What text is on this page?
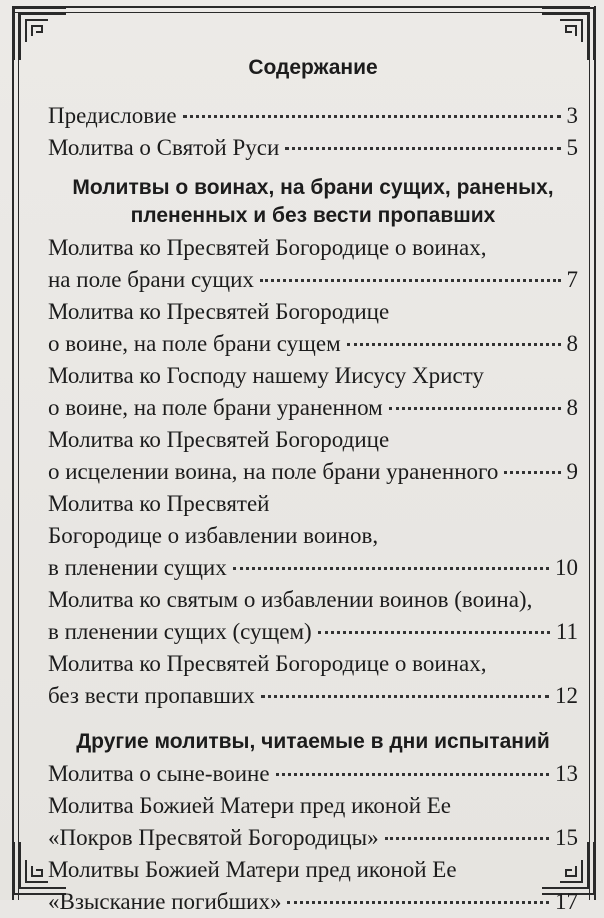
Содержание
Предисловие	3
Молитва о Святой Руси	5
Молитвы о воинах, на брани сущих, раненых,
плененных и без вести пропавших
Молитва ко Пресвятей Богородице о воинах,
на поле брани сущих	7
Молитва ко Пресвятей Богородице
о воине, на поле брани сущем	8
Молитва ко Господу нашему Иисусу Христу
о воине, на поле брани ураненном	8
Молитва ко Пресвятей Богородице
о исцелении воина, на поле брани ураненного	9
Молитва ко Пресвятей
Богородице о избавлении воинов,
в пленении сущих	10
Молитва ко святым о избавлении воинов (воина),
в пленении сущих (сущем)	11
Молитва ко Пресвятей Богородице о воинах,
без вести пропавших	12
Другие молитвы, читаемые в дни испытаний
Молитва о сыне-воине	13
Молитва Божией Матери пред иконой Ее
«Покров Пресвятой Богородицы»	15
Молитвы Божией Матери пред иконой Ее
«Взыскание погибших»	17
